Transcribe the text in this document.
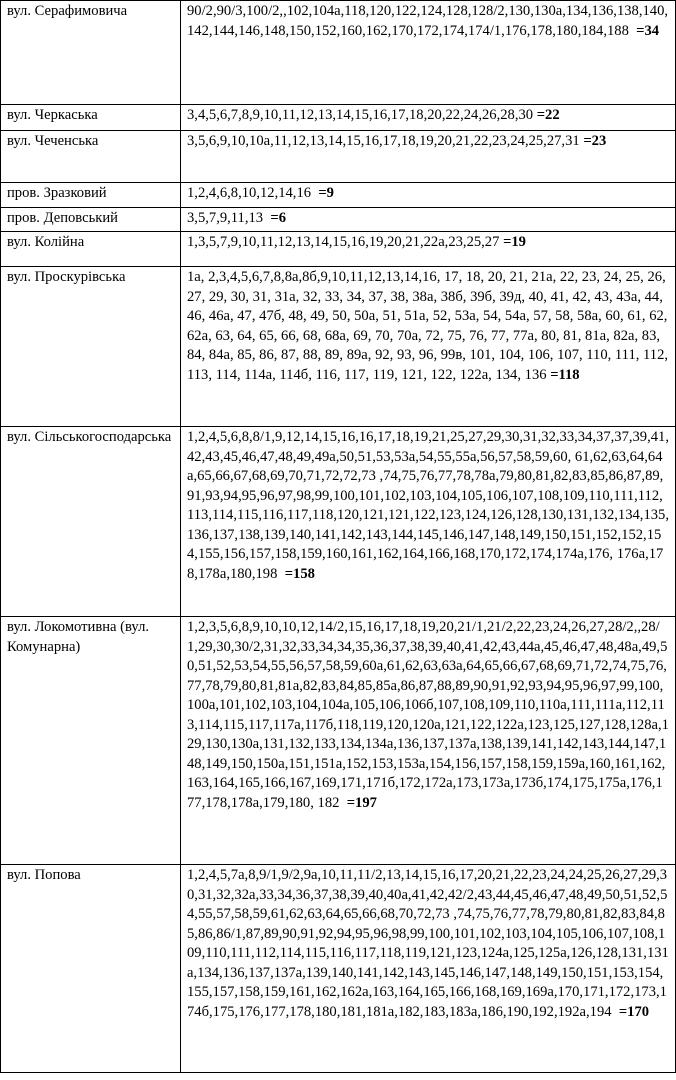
вул. Серафимовича	90/2,90/3,100/2,,102,104а,118,120,122,124,128,128/2,130,130а,134,136,138,140,142,144,146,148,150,152,160,162,170,172,174,174/1,176,178,180,184,188 =34
вул. Черкаська	3,4,5,6,7,8,9,10,11,12,13,14,15,16,17,18,20,22,24,26,28,30 =22
вул. Чеченська	3,5,6,9,10,10а,11,12,13,14,15,16,17,18,19,20,21,22,23,24,25,27,31 =23
пров. Зразковий	1,2,4,6,8,10,12,14,16 =9
пров. Деповський	3,5,7,9,11,13 =6
вул. Колійна	1,3,5,7,9,10,11,12,13,14,15,16,19,20,21,22а,23,25,27 =19
вул. Проскурівська	1а, 2,3,4,5,6,7,8,8а,8б,9,10,11,12,13,14,16, 17, 18, 20, 21, 21а, 22, 23, 24, 25, 26, 27, 29, 30, 31, 31а, 32, 33, 34, 37, 38, 38а, 38б, 39б, 39д, 40, 41, 42, 43, 43а, 44, 46, 46а, 47, 47б, 48, 49, 50, 50а, 51, 51а, 52, 53а, 54, 54а, 57, 58, 58а, 60, 61, 62, 62а, 63, 64, 65, 66, 68, 68а, 69, 70, 70а, 72, 75, 76, 77, 77а, 80, 81, 81а, 82а, 83, 84, 84а, 85, 86, 87, 88, 89, 89а, 92, 93, 96, 99в, 101, 104, 106, 107, 110, 111, 112, 113, 114, 114а, 114б, 116, 117, 119, 121, 122, 122а, 134, 136 =118
вул. Сільськогосподарська	1,2,4,5,6,8,8/1,9,12,14,15,16,16,17,18,19,21,25,27,29,30,31,32,33,34,37,37,39,41,42,43,45,46,47,48,49,49а,50,51,53,53а,54,55,55а,56,57,58,59,60, 61,62,63,64,64а,65,66,67,68,69,70,71,72,72,73 ,74,75,76,77,78,78а,79,80,81,82,83,85,86,87,89,91,93,94,95,96,97,98,99,100,101,102,103,104,105,106,107,108,109,110,111,112,113,114,115,116,117,118,120,121,121,122,123,124,126,128,130,131,132,134,135,136,137,138,139,140,141,142,143,144,145,146,147,148,149,150,151,152,152,154,155,156,157,158,159,160,161,162,164,166,168,170,172,174,174а,176, 176а,178,178а,180,198 =158
вул. Локомотивна (вул. Комунарна)	1,2,3,5,6,8,9,10,10,12,14/2,15,16,17,18,19,20,21/1,21/2,22,23,24,26,27,28/2,,28/1,29,30,30/2,31,32,33,34,34,35,36,37,38,39,40,41,42,43,44а,45,46,47,48,48а,49,50,51,52,53,54,55,56,57,58,59,60а,61,62,63,63а,64,65,66,67,68,69,71,72,74,75,76,77,78,79,80,81,81а,82,83,84,85,85а,86,87,88,89,90,91,92,93,94,95,96,97,99,100,100а,101,102,103,104,104а,105,106,106б,107,108,109,110,110а,111,111а,112,113,114,115,117,117а,117б,118,119,120,120а,121,122,122а,123,125,127,128,128а,129,130,130а,131,132,133,134,134а,136,137,137а,138,139,141,142,143,144,147,148,149,150,150а,151,151а,152,153,153а,154,156,157,158,159,159а,160,161,162,163,164,165,166,167,169,171,171б,172,172а,173,173а,173б,174,175,175а,176,177,178,178а,179,180, 182 =197
вул. Попова	1,2,4,5,7а,8,9/1,9/2,9а,10,11,11/2,13,14,15,16,17,20,21,22,23,24,24,25,26,27,29,30,31,32,32а,33,34,36,37,38,39,40,40а,41,42,42/2,43,44,45,46,47,48,49,50,51,52,54,55,57,58,59,61,62,63,64,65,66,68,70,72,73 ,74,75,76,77,78,79,80,81,82,83,84,85,86,86/1,87,89,90,91,92,94,95,96,98,99,100,101,102,103,104,105,106,107,108,109,110,111,112,114,115,116,117,118,119,121,123,124а,125,125а,126,128,131,131а,134,136,137,137а,139,140,141,142,143,145,146,147,148,149,150,151,153,154,155,157,158,159,161,162,162а,163,164,165,166,168,169,169а,170,171,172,173,174б,175,176,177,178,180,181,181а,182,183,183а,186,190,192,192а,194 =170
